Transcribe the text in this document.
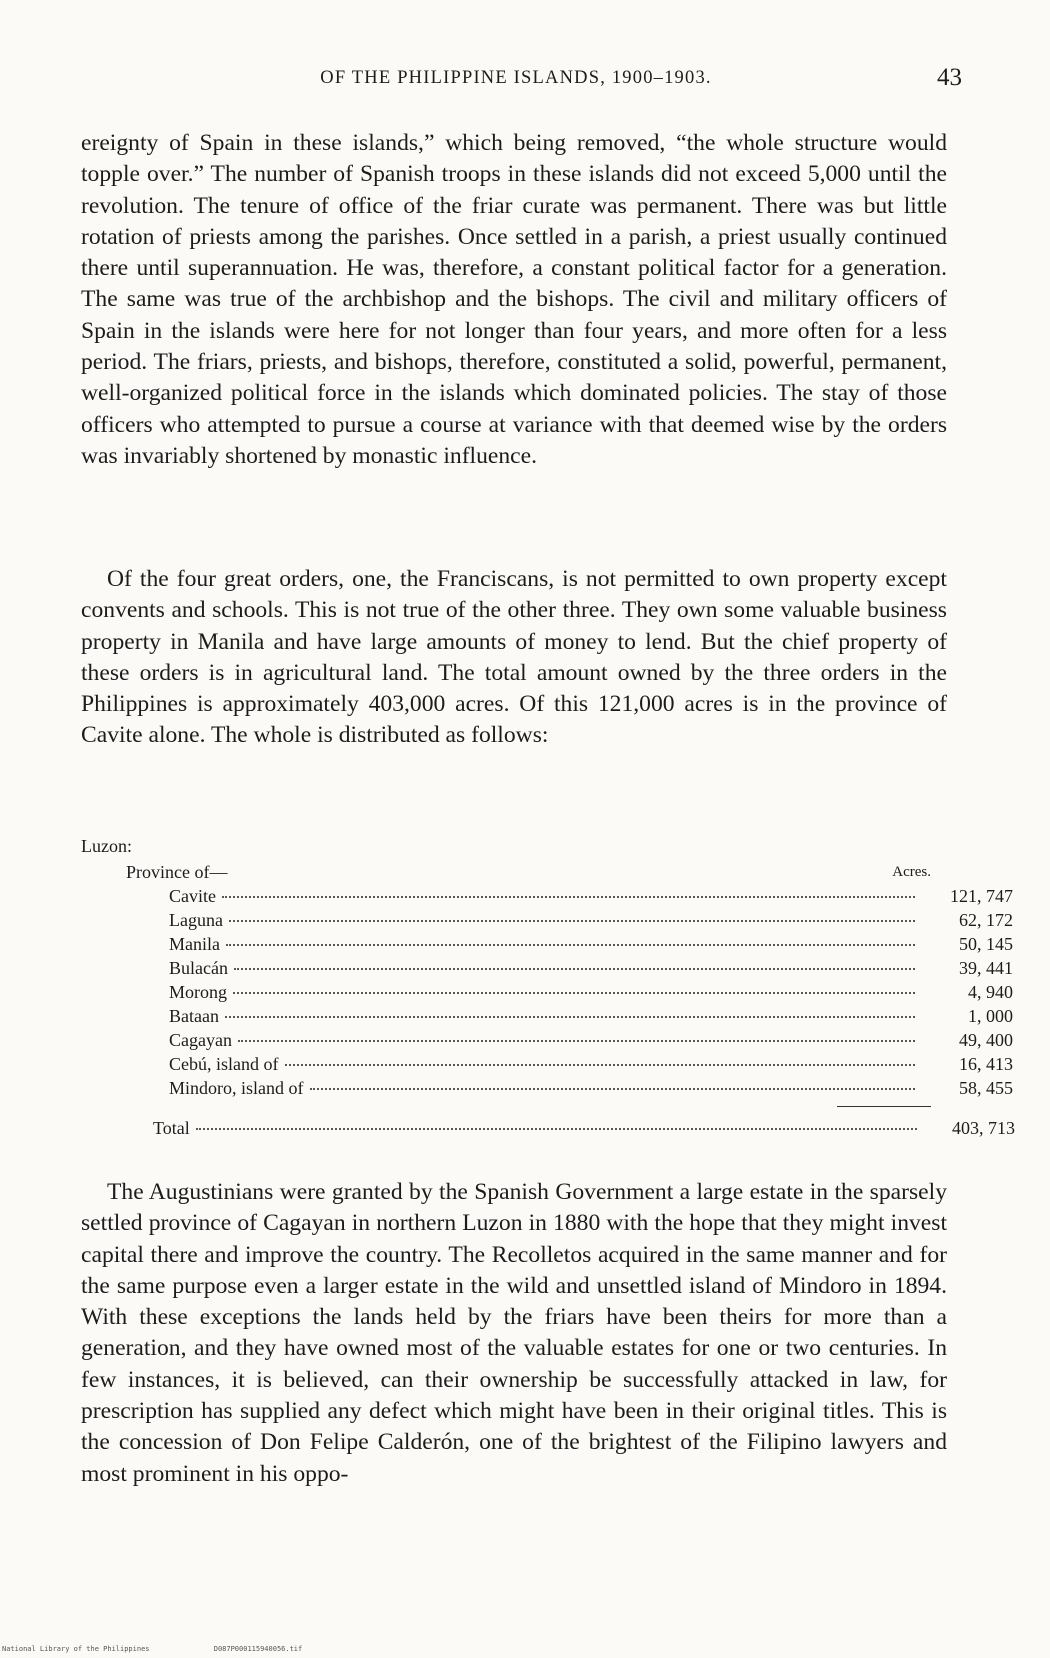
OF THE PHILIPPINE ISLANDS, 1900–1903.	43

ereignty of Spain in these islands,” which being removed, “the whole structure would topple over.” The number of Spanish troops in these islands did not exceed 5,000 until the revolution. The tenure of office of the friar curate was permanent. There was but little rotation of priests among the parishes. Once settled in a parish, a priest usually continued there until superannuation. He was, therefore, a constant political factor for a generation. The same was true of the archbishop and the bishops. The civil and military officers of Spain in the islands were here for not longer than four years, and more often for a less period. The friars, priests, and bishops, therefore, constituted a solid, powerful, permanent, well-organized political force in the islands which dominated policies. The stay of those officers who attempted to pursue a course at variance with that deemed wise by the orders was invariably shortened by monastic influence.

Of the four great orders, one, the Franciscans, is not permitted to own property except convents and schools. This is not true of the other three. They own some valuable business property in Manila and have large amounts of money to lend. But the chief property of these orders is in agricultural land. The total amount owned by the three orders in the Philippines is approximately 403,000 acres. Of this 121,000 acres is in the province of Cavite alone. The whole is distributed as follows:

Luzon:
Province of—	Acres.
Cavite	121, 747
Laguna	62, 172
Manila	50, 145
Bulacán	39, 441
Morong	4, 940
Bataan	1, 000
Cagayan	49, 400
Cebú, island of	16, 413
Mindoro, island of	58, 455
Total	403, 713

The Augustinians were granted by the Spanish Government a large estate in the sparsely settled province of Cagayan in northern Luzon in 1880 with the hope that they might invest capital there and improve the country. The Recolletos acquired in the same manner and for the same purpose even a larger estate in the wild and unsettled island of Mindoro in 1894. With these exceptions the lands held by the friars have been theirs for more than a generation, and they have owned most of the valuable estates for one or two centuries. In few instances, it is believed, can their ownership be successfully attacked in law, for prescription has supplied any defect which might have been in their original titles. This is the concession of Don Felipe Calderón, one of the brightest of the Filipino lawyers and most prominent in his oppo-

National Library of the Philippines	D087P000115940056.tif
